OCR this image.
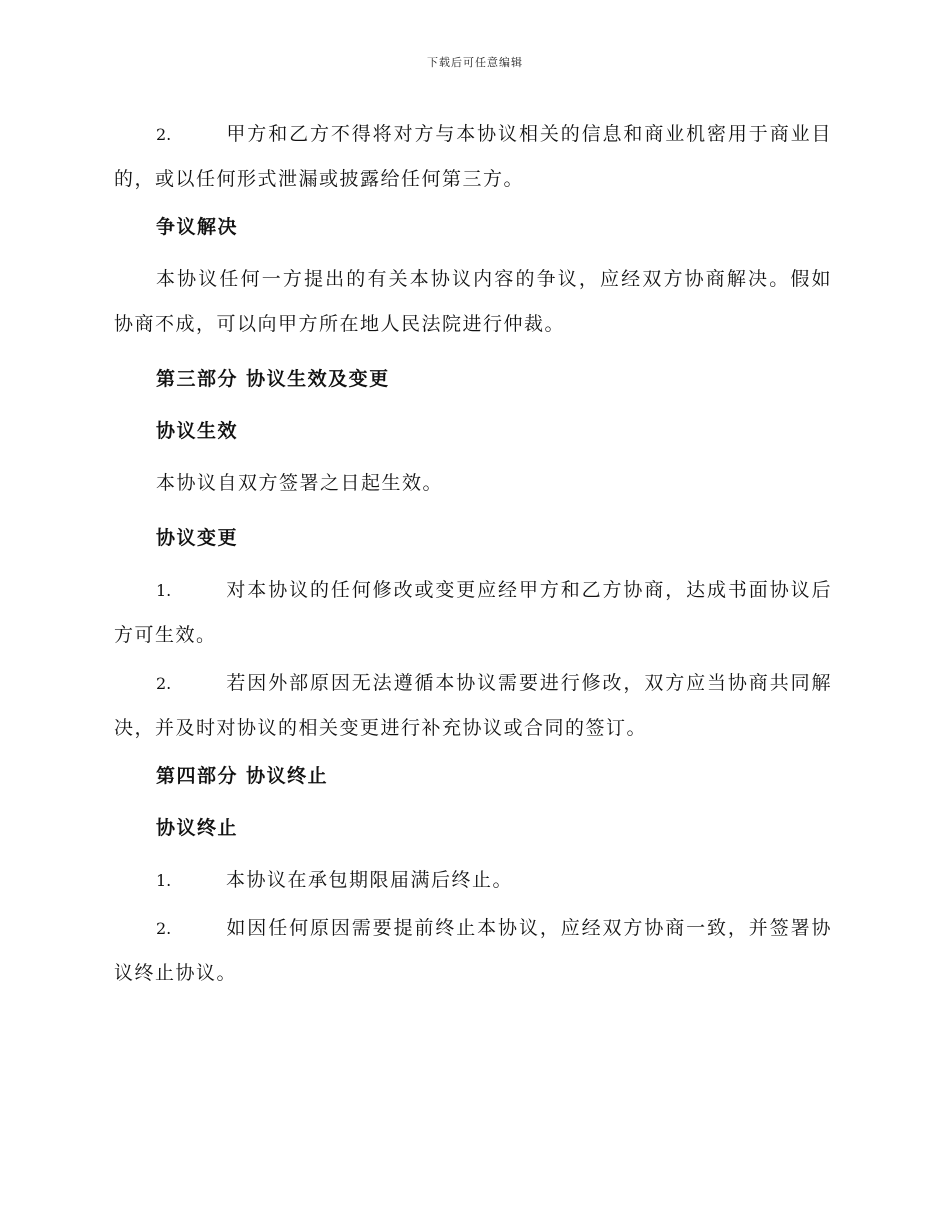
下载后可任意编辑

2.	甲方和乙方不得将对方与本协议相关的信息和商业机密用于商业目的，或以任何形式泄漏或披露给任何第三方。

争议解决

本协议任何一方提出的有关本协议内容的争议，应经双方协商解决。假如协商不成，可以向甲方所在地人民法院进行仲裁。

第三部分 协议生效及变更
协议生效

本协议自双方签署之日起生效。

协议变更

1.	对本协议的任何修改或变更应经甲方和乙方协商，达成书面协议后方可生效。

2.	若因外部原因无法遵循本协议需要进行修改，双方应当协商共同解决，并及时对协议的相关变更进行补充协议或合同的签订。

第四部分 协议终止
协议终止

1.	本协议在承包期限届满后终止。

2.	如因任何原因需要提前终止本协议，应经双方协商一致，并签署协议终止协议。
